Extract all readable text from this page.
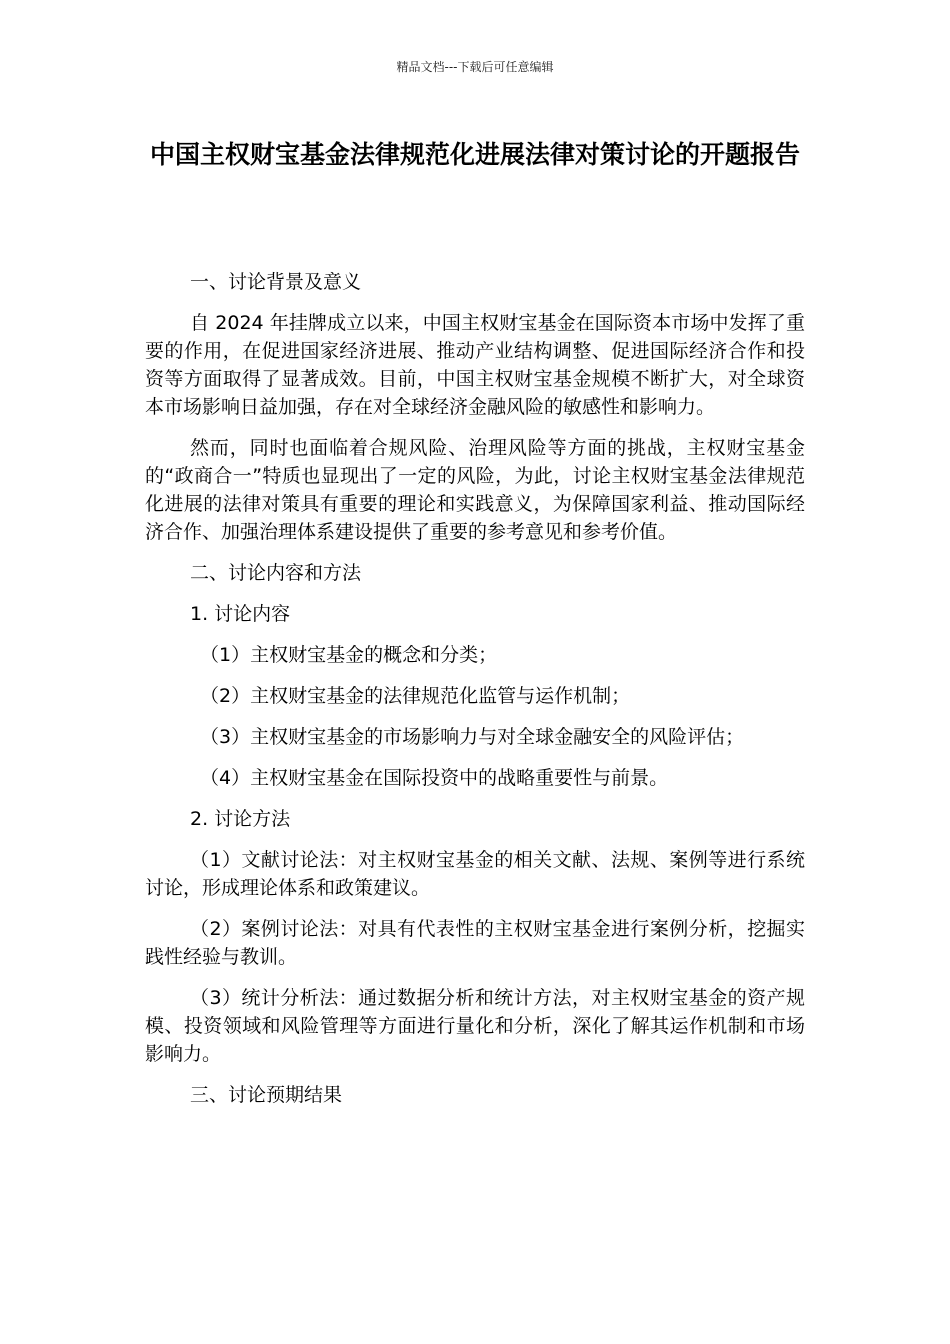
精品文档---下载后可任意编辑
中国主权财宝基金法律规范化进展法律对策讨论的开题报告

一、讨论背景及意义

自 2024 年挂牌成立以来，中国主权财宝基金在国际资本市场中发挥了重要的作用，在促进国家经济进展、推动产业结构调整、促进国际经济合作和投资等方面取得了显著成效。目前，中国主权财宝基金规模不断扩大，对全球资本市场影响日益加强，存在对全球经济金融风险的敏感性和影响力。

然而，同时也面临着合规风险、治理风险等方面的挑战，主权财宝基金的“政商合一”特质也显现出了一定的风险，为此，讨论主权财宝基金法律规范化进展的法律对策具有重要的理论和实践意义，为保障国家利益、推动国际经济合作、加强治理体系建设提供了重要的参考意见和参考价值。

二、讨论内容和方法

1. 讨论内容

（1）主权财宝基金的概念和分类；

（2）主权财宝基金的法律规范化监管与运作机制；

（3）主权财宝基金的市场影响力与对全球金融安全的风险评估；

（4）主权财宝基金在国际投资中的战略重要性与前景。

2. 讨论方法

（1）文献讨论法：对主权财宝基金的相关文献、法规、案例等进行系统讨论，形成理论体系和政策建议。

（2）案例讨论法：对具有代表性的主权财宝基金进行案例分析，挖掘实践性经验与教训。

（3）统计分析法：通过数据分析和统计方法，对主权财宝基金的资产规模、投资领域和风险管理等方面进行量化和分析，深化了解其运作机制和市场影响力。

三、讨论预期结果
